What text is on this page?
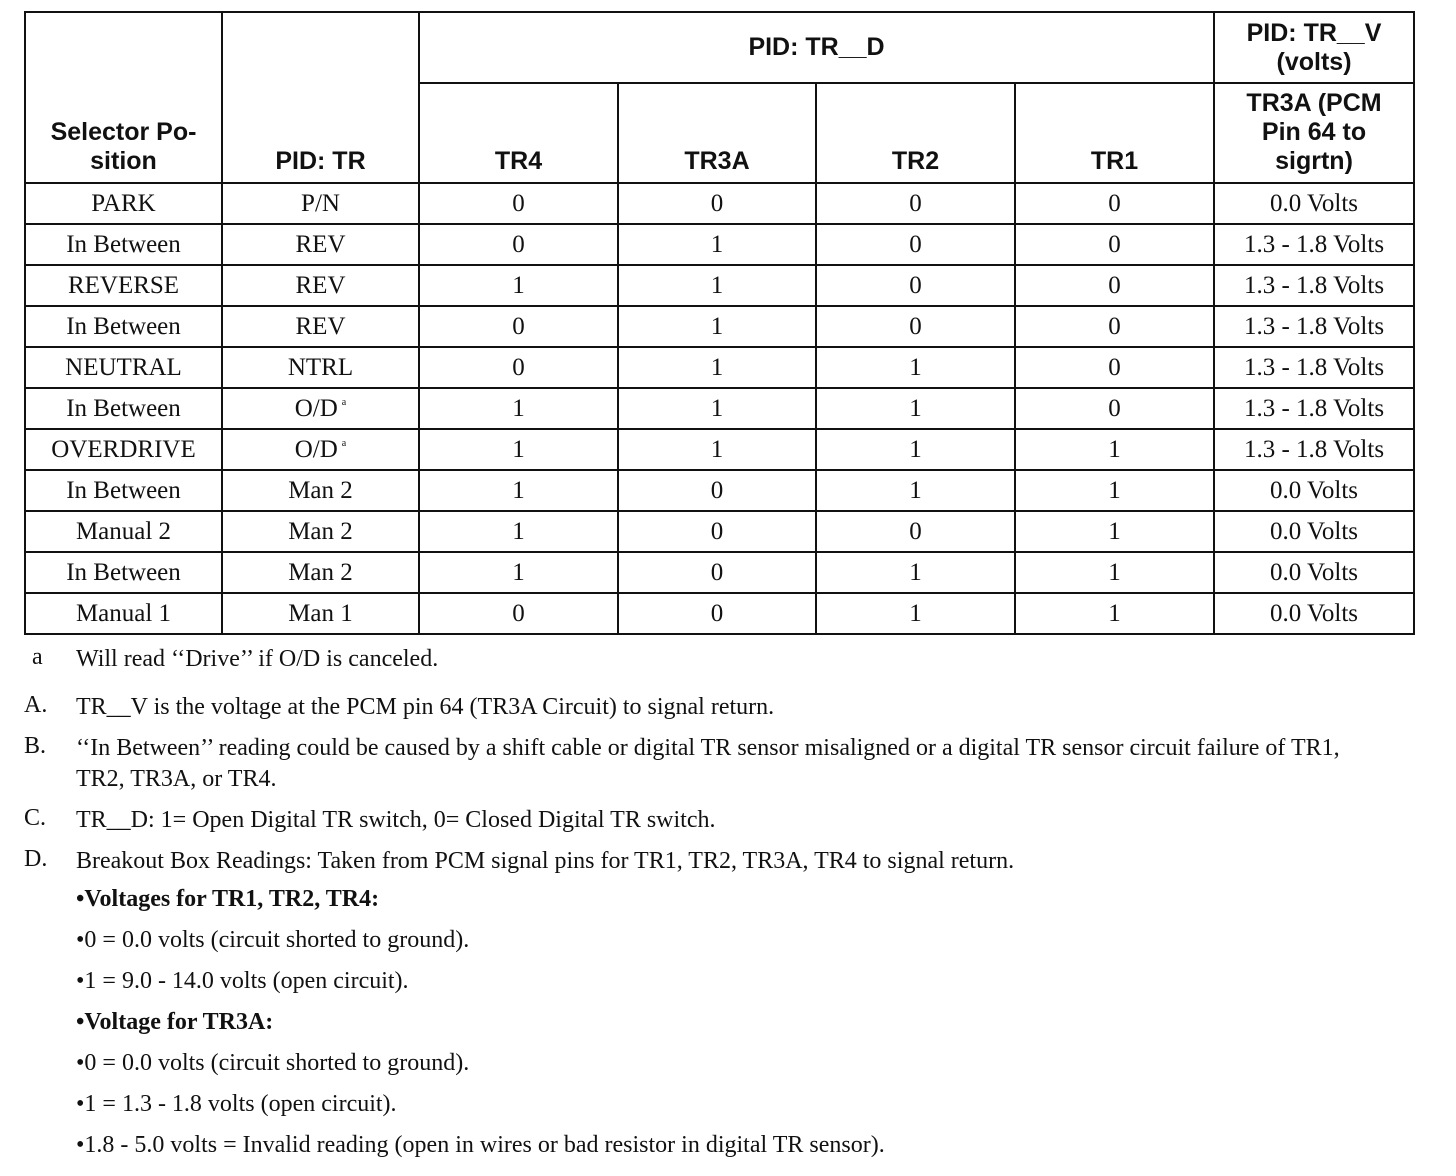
Selector Po- sition	PID: TR	PID: TR__D				PID: TR__V (volts)
		TR4	TR3A	TR2	TR1	TR3A (PCM Pin 64 to sigrtn)
PARK	P/N	0	0	0	0	0.0 Volts
In Between	REV	0	1	0	0	1.3 - 1.8 Volts
REVERSE	REV	1	1	0	0	1.3 - 1.8 Volts
In Between	REV	0	1	0	0	1.3 - 1.8 Volts
NEUTRAL	NTRL	0	1	1	0	1.3 - 1.8 Volts
In Between	O/D $^a$	1	1	1	0	1.3 - 1.8 Volts
OVERDRIVE	O/D $^a$	1	1	1	1	1.3 - 1.8 Volts
In Between	Man 2	1	0	1	1	0.0 Volts
Manual 2	Man 2	1	0	0	1	0.0 Volts
In Between	Man 2	1	0	1	1	0.0 Volts
Manual 1	Man 1	0	0	1	1	0.0 Volts
a Will read ‘‘Drive’’ if O/D is canceled.
A. TR__V is the voltage at the PCM pin 64 (TR3A Circuit) to signal return.
B. ‘‘In Between’’ reading could be caused by a shift cable or digital TR sensor misaligned or a digital TR sensor circuit failure of TR1, TR2, TR3A, or TR4.
C. TR__D: 1= Open Digital TR switch, 0= Closed Digital TR switch.
D. Breakout Box Readings: Taken from PCM signal pins for TR1, TR2, TR3A, TR4 to signal return.
•Voltages for TR1, TR2, TR4:
•0 = 0.0 volts (circuit shorted to ground).
•1 = 9.0 - 14.0 volts (open circuit).
•Voltage for TR3A:
•0 = 0.0 volts (circuit shorted to ground).
•1 = 1.3 - 1.8 volts (open circuit).
•1.8 - 5.0 volts = Invalid reading (open in wires or bad resistor in digital TR sensor).
